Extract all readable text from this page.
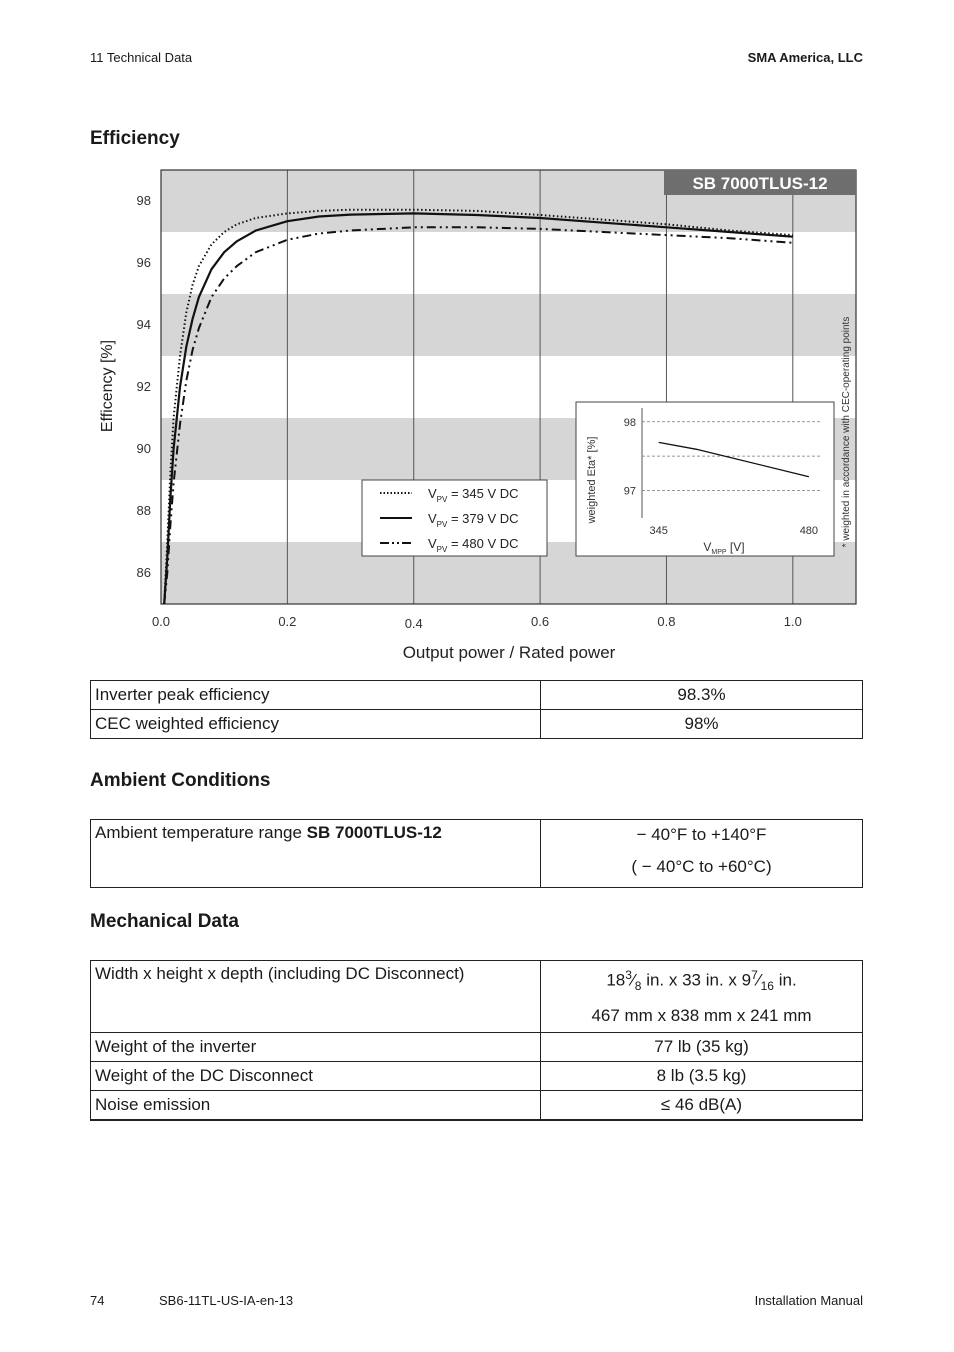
11 Technical Data	SMA America, LLC
Efficiency
86
88
90
92
94
96
98
0.0	0.2	0.4	0.6	0.8	1.0
Output power / Rated power
Efficency [%]
SB 7000TLUS-12
$V_{PV} = 345$ V DC
$V_{PV} = 379$ V DC
$V_{PV} = 480$ V DC
98
97
345	480
weighted Eta* [%]
$V_{MPP}$ [V]	* weighted in accordance with CEC-operating points
Inverter peak efficiency	98.3%
CEC weighted efficiency	98%
Ambient Conditions
Ambient temperature range SB 7000TLUS-12	− 40°F to +140°F
( − 40°C to +60°C)
Mechanical Data
Width x height x depth (including DC Disconnect)	$18^3⁄_8$ in. x 33 in. x $9^7⁄_{16}$ in.
467 mm x 838 mm x 241 mm

Weight of the inverter	77 lb (35 kg)
Weight of the DC Disconnect	8 lb (3.5 kg)
Noise emission	≤ 46 dB(A)
74	SB6-11TL-US-IA-en-13	Installation Manual
